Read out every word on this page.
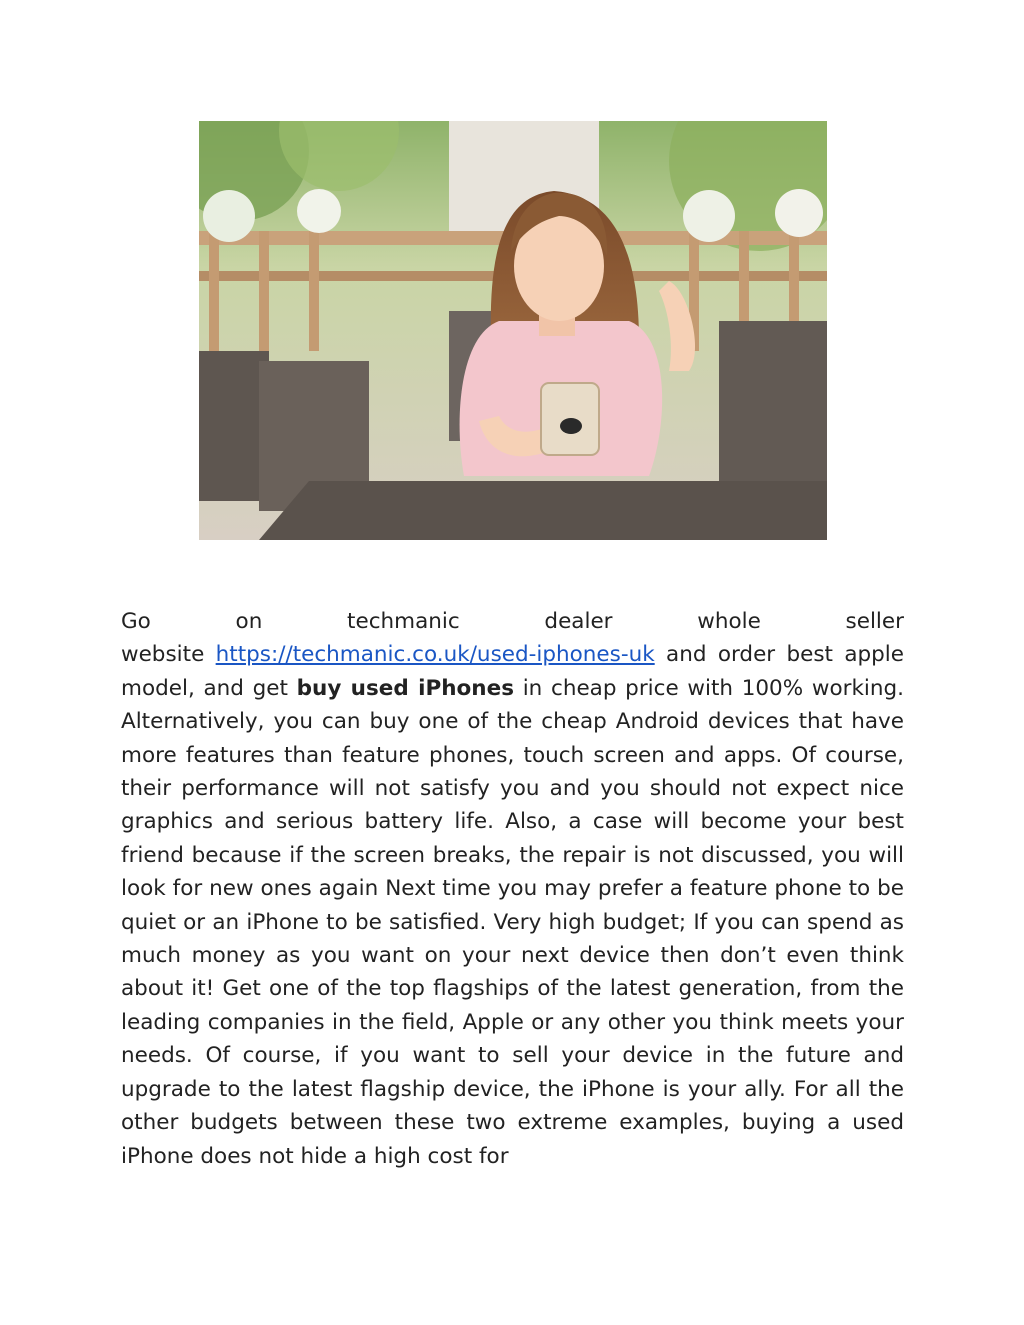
Go	on	techmanic	dealer	whole	seller

website https://techmanic.co.uk/used-iphones-uk and order best apple model, and get buy used iPhones in cheap price with 100% working. Alternatively, you can buy one of the cheap Android devices that have more features than feature phones, touch screen and apps. Of course, their performance will not satisfy you and you should not expect nice graphics and serious battery life. Also, a case will become your best friend because if the screen breaks, the repair is not discussed, you will look for new ones again Next time you may prefer a feature phone to be quiet or an iPhone to be satisfied. Very high budget; If you can spend as much money as you want on your next device then don’t even think about it! Get one of the top flagships of the latest generation, from the leading companies in the field, Apple or any other you think meets your needs. Of course, if you want to sell your device in the future and upgrade to the latest flagship device, the iPhone is your ally. For all the other budgets between these two extreme examples, buying a used iPhone does not hide a high cost for
